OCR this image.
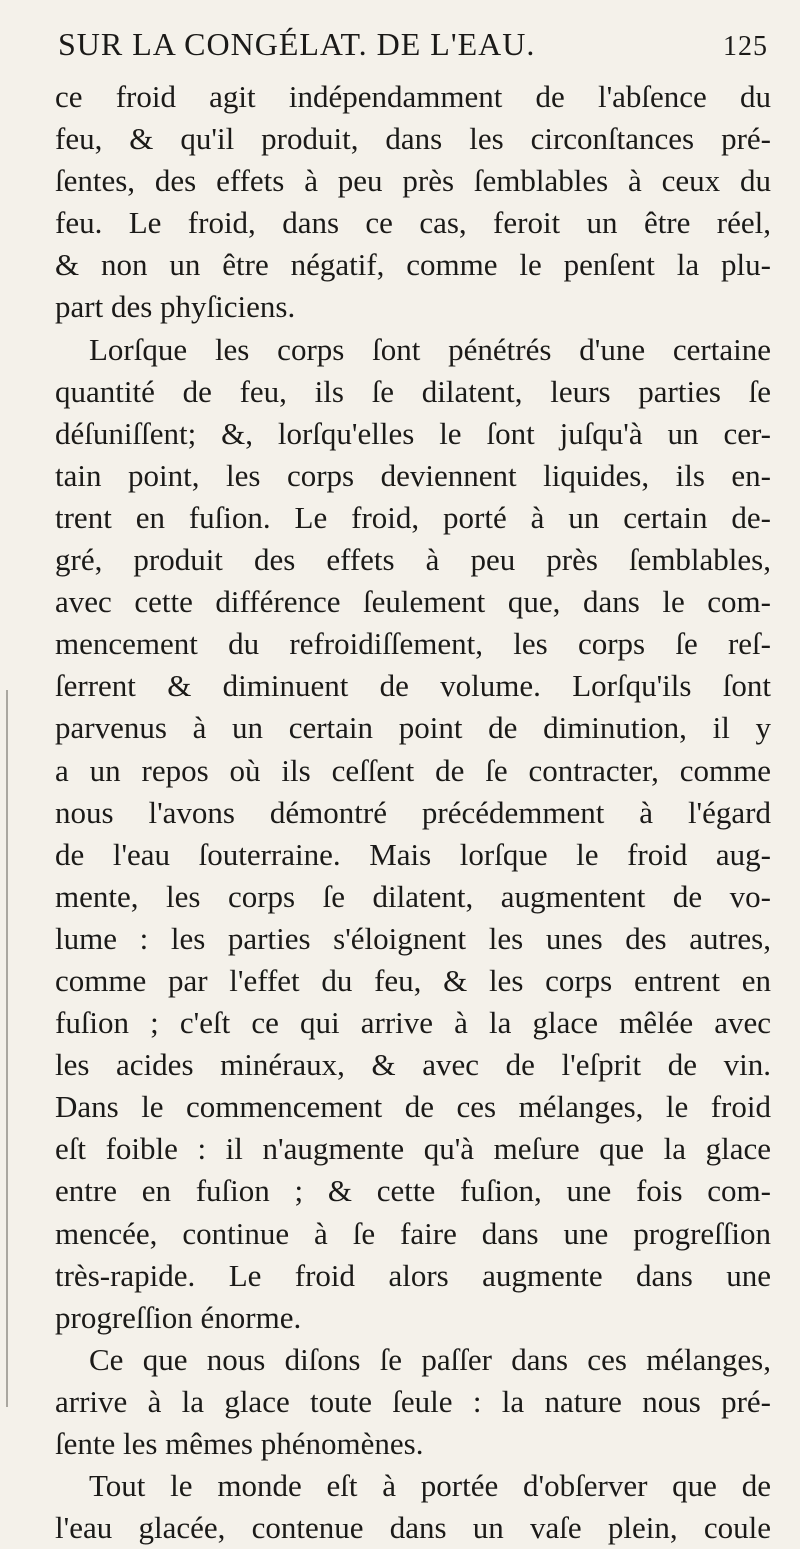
SUR LA CONGÉLAT. DE L'EAU.	125
ce froid agit indépendamment de l'abſence du
feu, & qu'il produit, dans les circonſtances pré-
ſentes, des effets à peu près ſemblables à ceux du
feu. Le froid, dans ce cas, feroit un être réel,
& non un être négatif, comme le penſent la plu-
part des phyſiciens.
Lorſque les corps ſont pénétrés d'une certaine
quantité de feu, ils ſe dilatent, leurs parties ſe
déſuniſſent; &, lorſqu'elles le ſont juſqu'à un cer-
tain point, les corps deviennent liquides, ils en-
trent en fuſion. Le froid, porté à un certain de-
gré, produit des effets à peu près ſemblables,
avec cette différence ſeulement que, dans le com-
mencement du refroidiſſement, les corps ſe reſ-
ſerrent & diminuent de volume. Lorſqu'ils ſont
parvenus à un certain point de diminution, il y
a un repos où ils ceſſent de ſe contracter, comme
nous l'avons démontré précédemment à l'égard
de l'eau ſouterraine. Mais lorſque le froid aug-
mente, les corps ſe dilatent, augmentent de vo-
lume : les parties s'éloignent les unes des autres,
comme par l'effet du feu, & les corps entrent en
fuſion ; c'eſt ce qui arrive à la glace mêlée avec
les acides minéraux, & avec de l'eſprit de vin.
Dans le commencement de ces mélanges, le froid
eſt foible : il n'augmente qu'à meſure que la glace
entre en fuſion ; & cette fuſion, une fois com-
mencée, continue à ſe faire dans une progreſſion
très-rapide. Le froid alors augmente dans une
progreſſion énorme.
Ce que nous diſons ſe paſſer dans ces mélanges,
arrive à la glace toute ſeule : la nature nous pré-
ſente les mêmes phénomènes.
Tout le monde eſt à portée d'obſerver que de
l'eau glacée, contenue dans un vaſe plein, coule
